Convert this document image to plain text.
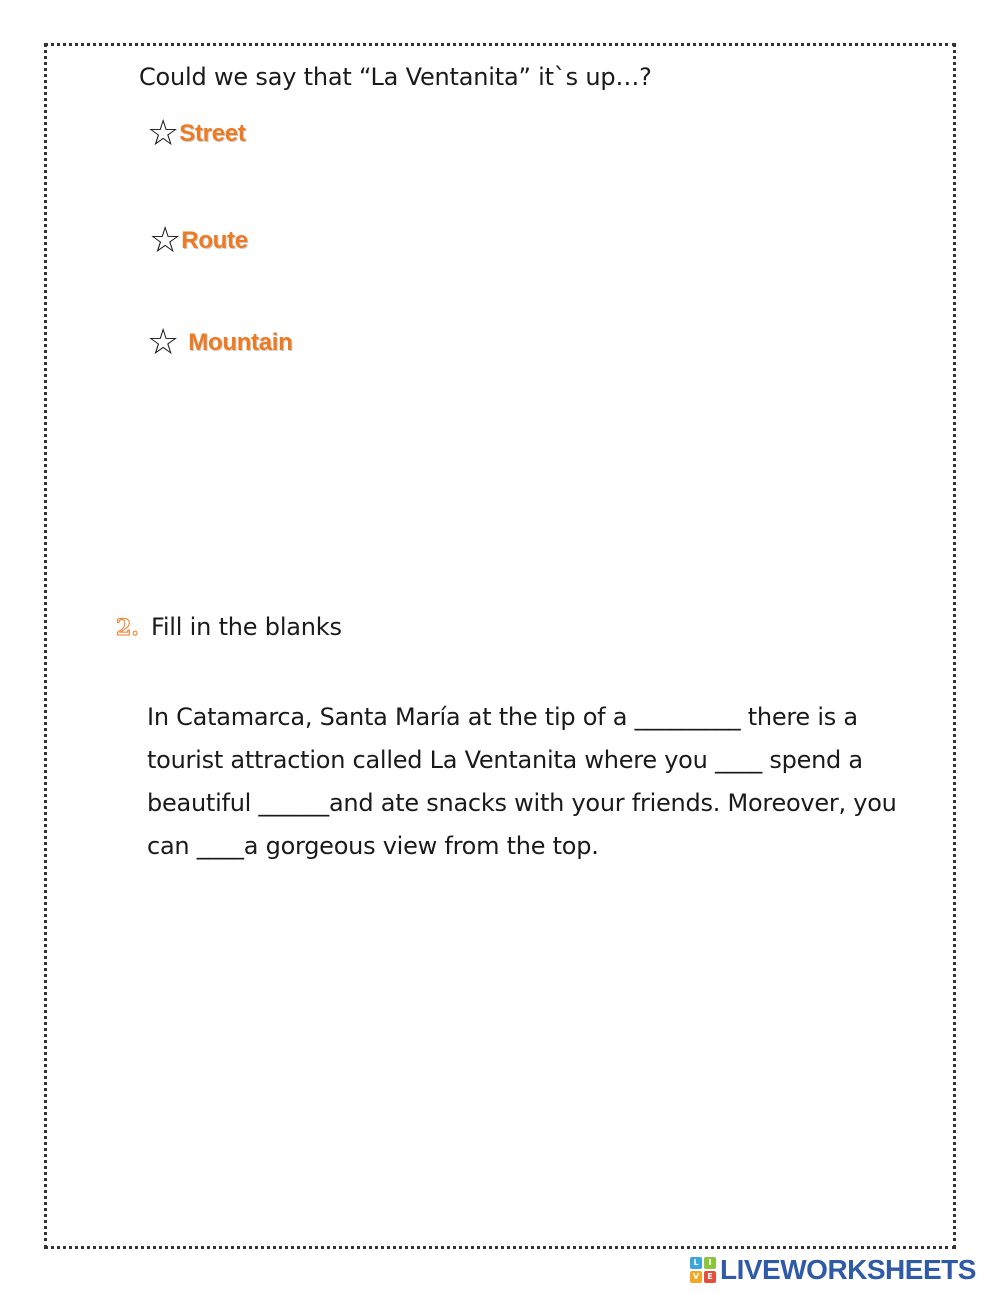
Could we say that “La Ventanita” it`s up…?
☆ Street
☆ Route
☆ Mountain
2. Fill in the blanks
In Catamarca, Santa María at the tip of a _________ there is a
tourist attraction called La Ventanita where you ____ spend a
beautiful ______and ate snacks with your friends. Moreover, you
can ____a gorgeous view from the top.
L	I
V	E LIVEWORKSHEETS
